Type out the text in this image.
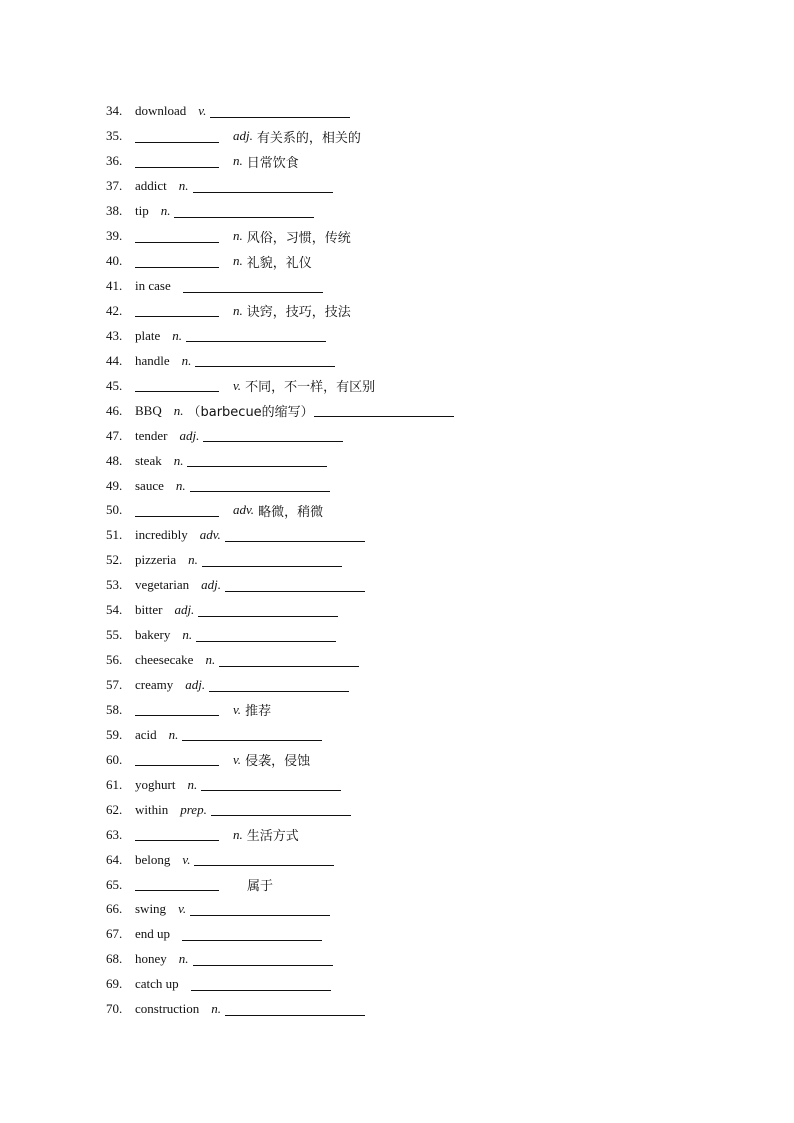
34. download v.
35.	adj. 有关系的，相关的
36.	n. 日常饮食
37. addict n.
38. tip n.
39.	n. 风俗，习惯，传统
40.	n. 礼貌，礼仪
41. in case
42.	n. 诀窍，技巧，技法
43. plate n.
44. handle n.
45.	v. 不同，不一样，有区别
46. BBQ n. （barbecue的缩写）
47. tender adj.
48. steak n.
49. sauce n.
50.	adv. 略微，稍微
51. incredibly adv.
52. pizzeria n.
53. vegetarian adj.
54. bitter adj.
55. bakery n.
56. cheesecake n.
57. creamy adj.
58.	v. 推荐
59. acid n.
60.	v. 侵袭，侵蚀
61. yoghurt n.
62. within prep.
63.	n. 生活方式
64. belong v.
65.	属于
66. swing v.
67. end up
68. honey n.
69. catch up
70. construction n.
